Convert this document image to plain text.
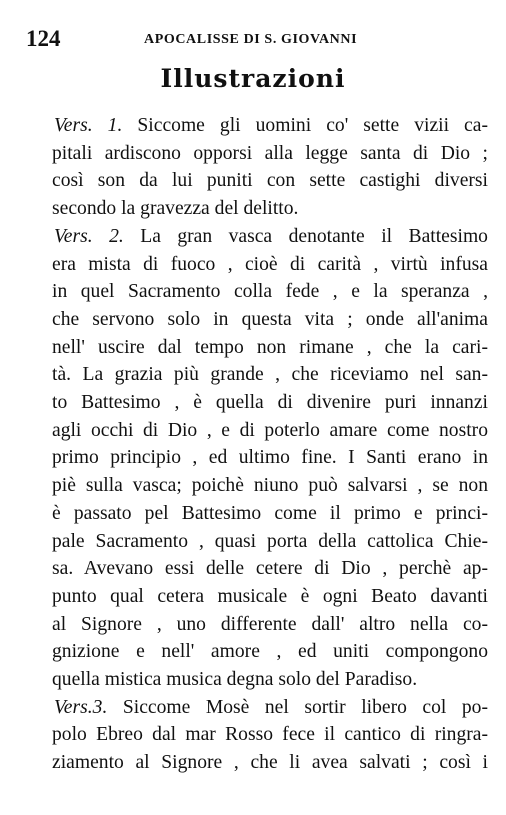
124	APOCALISSE DI S. GIOVANNI
Illustrazioni
Vers. 1. Siccome gli uomini co' sette vizii ca-
pitali ardiscono opporsi alla legge santa di Dio ;
così son da lui puniti con sette castighi diversi
secondo la gravezza del delitto.
Vers. 2. La gran vasca denotante il Battesimo
era mista di fuoco , cioè di carità , virtù infusa
in quel Sacramento colla fede , e la speranza ,
che servono solo in questa vita ; onde all'anima
nell' uscire dal tempo non rimane , che la cari-
tà. La grazia più grande , che riceviamo nel san-
to Battesimo , è quella di divenire puri innanzi
agli occhi di Dio , e di poterlo amare come nostro
primo principio , ed ultimo fine. I Santi erano in
piè sulla vasca; poichè niuno può salvarsi , se non
è passato pel Battesimo come il primo e princi-
pale Sacramento , quasi porta della cattolica Chie-
sa. Avevano essi delle cetere di Dio , perchè ap-
punto qual cetera musicale è ogni Beato davanti
al Signore , uno differente dall' altro nella co-
gnizione e nell' amore , ed uniti compongono
quella mistica musica degna solo del Paradiso.
Vers.3. Siccome Mosè nel sortir libero col po-
polo Ebreo dal mar Rosso fece il cantico di ringra-
ziamento al Signore , che li avea salvati ; così i
